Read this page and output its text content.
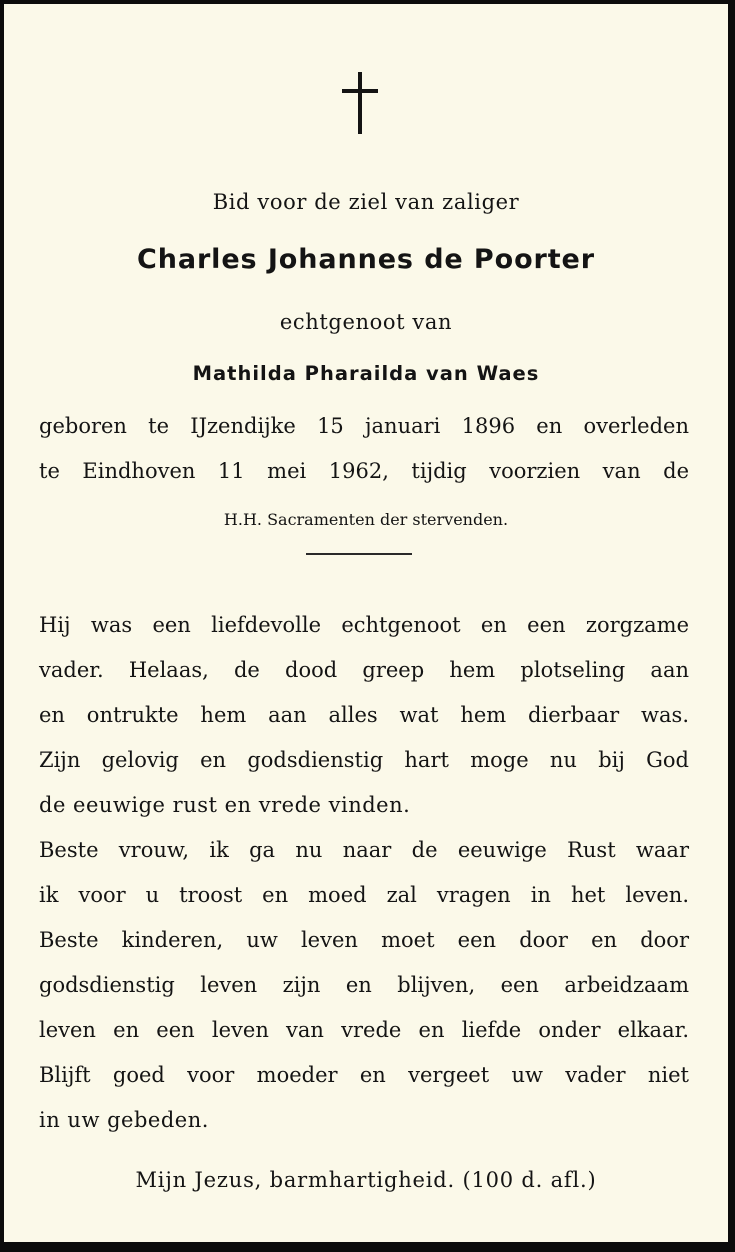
Bid voor de ziel van zaliger
Charles Johannes de Poorter
echtgenoot van
Mathilda Pharailda van Waes
geboren te IJzendijke 15 januari 1896 en overleden
te Eindhoven 11 mei 1962, tijdig voorzien van de
H.H. Sacramenten der stervenden.
Hij was een liefdevolle echtgenoot en een zorgzame
vader. Helaas, de dood greep hem plotseling aan
en ontrukte hem aan alles wat hem dierbaar was.
Zijn gelovig en godsdienstig hart moge nu bij God
de eeuwige rust en vrede vinden.
Beste vrouw, ik ga nu naar de eeuwige Rust waar
ik voor u troost en moed zal vragen in het leven.
Beste kinderen, uw leven moet een door en door
godsdienstig leven zijn en blijven, een arbeidzaam
leven en een leven van vrede en liefde onder elkaar.
Blijft goed voor moeder en vergeet uw vader niet
in uw gebeden.
Mijn Jezus, barmhartigheid. (100 d. afl.)
